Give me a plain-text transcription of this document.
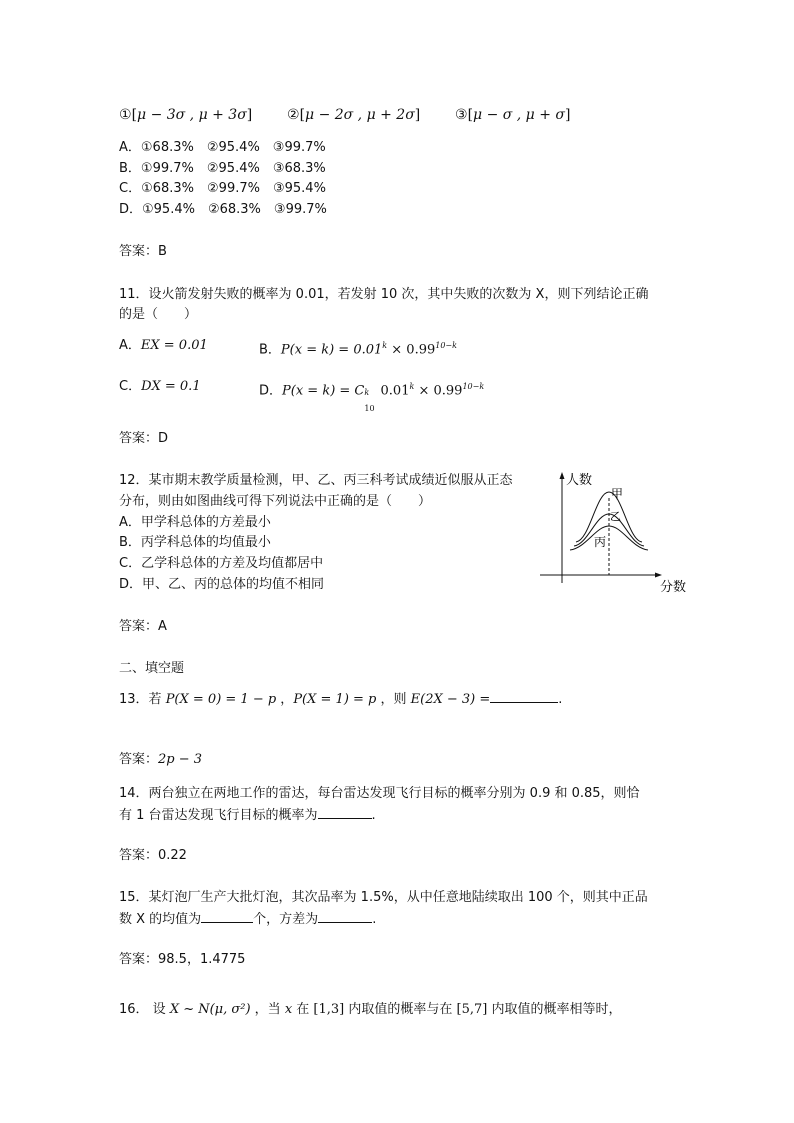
①[μ − 3σ , μ + 3σ] ②[μ − 2σ , μ + 2σ] ③[μ − σ , μ + σ]
A．①68.3%　②95.4%　③99.7%
B．①99.7%　②95.4%　③68.3%
C．①68.3%　②99.7%　③95.4%
D．①95.4%　②68.3%　③99.7%
答案：B
11．设火箭发射失败的概率为 0.01，若发射 10 次，其中失败的次数为 X，则下列结论正确
的是（　　）
A．EX = 0.01	B．$P(x = k) = 0.01^k \times 0.99^{10-k}$
C．DX = 0.1	D．P(x = k) = C k
10
$0.01^k \times 0.99^{10-k}$
答案：D
12．某市期末教学质量检测，甲、乙、丙三科考试成绩近似服从正态
分布，则由如图曲线可得下列说法中正确的是（　　）
A．甲学科总体的方差最小
B．丙学科总体的均值最小
C．乙学科总体的方差及均值都居中
D．甲、乙、丙的总体的均值不相同
人数
分数
甲
乙
丙
答案：A
二、填空题
13．若 P(X = 0) = 1 − p ，P(X = 1) = p ，则 E(2X − 3) =	.
答案：2p − 3
14．两台独立在两地工作的雷达，每台雷达发现飞行目标的概率分别为 0.9 和 0.85，则恰
有 1 台雷达发现飞行目标的概率为	.
答案：0.22
15．某灯泡厂生产大批灯泡，其次品率为 1.5%，从中任意地陆续取出 100 个，则其中正品
数 X 的均值为	个，方差为	.
答案：98.5，1.4775
16． 设 X ~ N(μ, σ²) ，当 x 在 [1,3] 内取值的概率与在 [5,7] 内取值的概率相等时，
